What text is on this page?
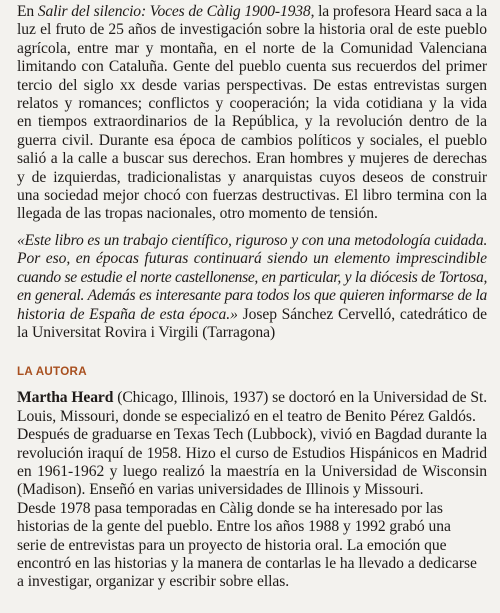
En Salir del silencio: Voces de Càlig 1900-1938, la profesora Heard saca a la
luz el fruto de 25 años de investigación sobre la historia oral de este pueblo
agrícola, entre mar y montaña, en el norte de la Comunidad Valenciana
limitando con Cataluña. Gente del pueblo cuenta sus recuerdos del primer
tercio del siglo xx desde varias perspectivas. De estas entrevistas surgen
relatos y romances; conflictos y cooperación; la vida cotidiana y la vida
en tiempos extraordinarios de la República, y la revolución dentro de la
guerra civil. Durante esa época de cambios políticos y sociales, el pueblo
salió a la calle a buscar sus derechos. Eran hombres y mujeres de derechas
y de izquierdas, tradicionalistas y anarquistas cuyos deseos de construir
una sociedad mejor chocó con fuerzas destructivas. El libro termina con la
llegada de las tropas nacionales, otro momento de tensión.
«Este libro es un trabajo científico, riguroso y con una metodología cuidada.
Por eso, en épocas futuras continuará siendo un elemento imprescindible
cuando se estudie el norte castellonense, en particular, y la diócesis de Tortosa,
en general. Además es interesante para todos los que quieren informarse de la
historia de España de esta época.» Josep Sánchez Cervelló, catedrático de
la Universitat Rovira i Virgili (Tarragona)
LA AUTORA
Martha Heard (Chicago, Illinois, 1937) se doctoró en la Universidad de St.
Louis, Missouri, donde se especializó en el teatro de Benito Pérez Galdós.
Después de graduarse en Texas Tech (Lubbock), vivió en Bagdad durante la
revolución iraquí de 1958. Hizo el curso de Estudios Hispánicos en Madrid
en 1961-1962 y luego realizó la maestría en la Universidad de Wisconsin
(Madison). Enseñó en varias universidades de Illinois y Missouri.
Desde 1978 pasa temporadas en Càlig donde se ha interesado por las
historias de la gente del pueblo. Entre los años 1988 y 1992 grabó una
serie de entrevistas para un proyecto de historia oral. La emoción que
encontró en las historias y la manera de contarlas le ha llevado a dedicarse
a investigar, organizar y escribir sobre ellas.
